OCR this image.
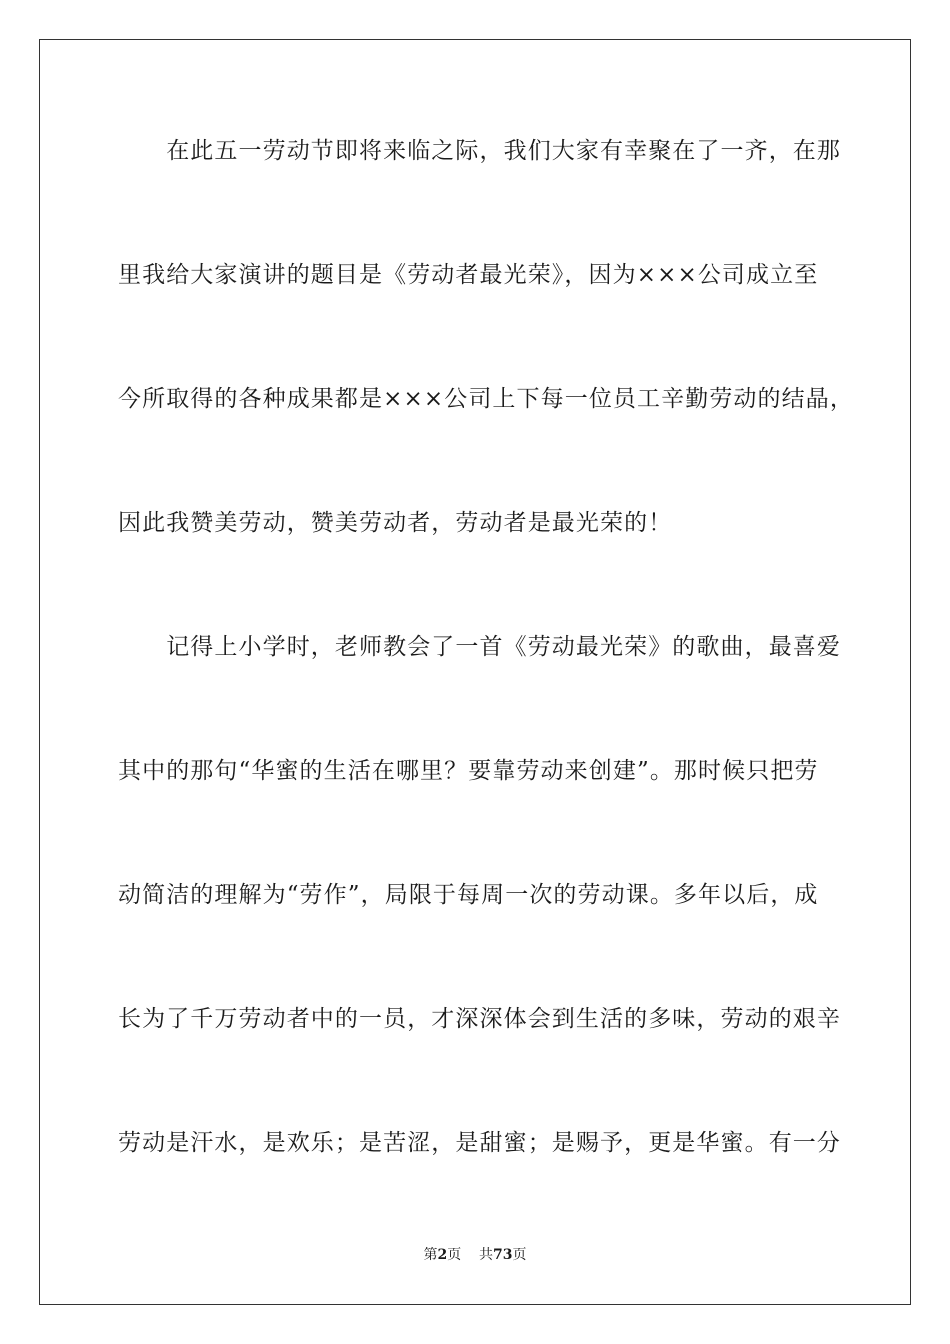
　　在此五一劳动节即将来临之际，我们大家有幸聚在了一齐，在那
里我给大家演讲的题目是《劳动者最光荣》，因为×××公司成立至
今所取得的各种成果都是×××公司上下每一位员工辛勤劳动的结晶，
因此我赞美劳动，赞美劳动者，劳动者是最光荣的！
　　记得上小学时，老师教会了一首《劳动最光荣》的歌曲，最喜爱
其中的那句“华蜜的生活在哪里？要靠劳动来创建”。那时候只把劳
动简洁的理解为“劳作”，局限于每周一次的劳动课。多年以后，成
长为了千万劳动者中的一员，才深深体会到生活的多味，劳动的艰辛
劳动是汗水，是欢乐；是苦涩，是甜蜜；是赐予，更是华蜜。有一分
第2页 共73页
